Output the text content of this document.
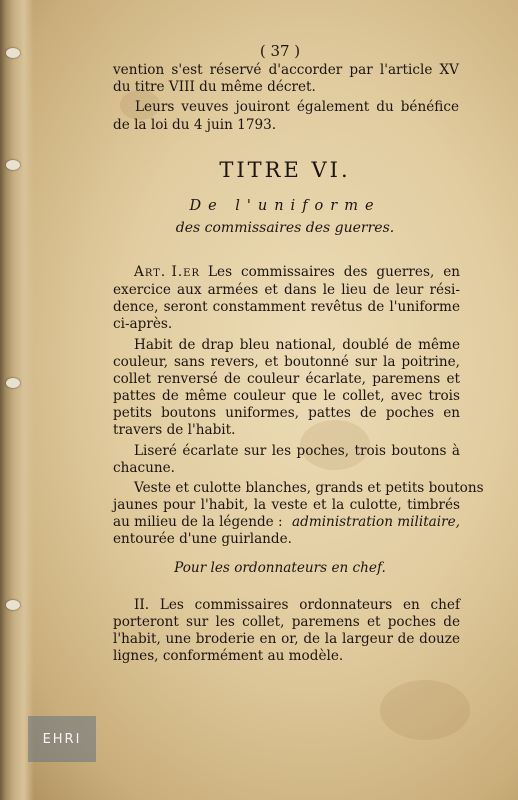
( 37 )
vention s'est réservé d'accorder par l'article XV
du titre VIII du même décret.
Leurs veuves jouiront également du bénéfice
de la loi du 4 juin 1793.
TITRE VI.
De l'uniforme
des commissaires des guerres.
Art. I.er Les commissaires des guerres, en
exercice aux armées et dans le lieu de leur rési-
dence, seront constamment revêtus de l'uniforme
ci-après.
Habit de drap bleu national, doublé de même
couleur, sans revers, et boutonné sur la poitrine,
collet renversé de couleur écarlate, paremens et
pattes de même couleur que le collet, avec trois
petits boutons uniformes, pattes de poches en
travers de l'habit.
Liseré écarlate sur les poches, trois boutons à
chacune.
Veste et culotte blanches, grands et petits boutons
jaunes pour l'habit, la veste et la culotte, timbrés
au milieu de la légende : administration militaire,
entourée d'une guirlande.
Pour les ordonnateurs en chef.
II. Les commissaires ordonnateurs en chef
porteront sur les collet, paremens et poches de
l'habit, une broderie en or, de la largeur de douze
lignes, conformément au modèle.
EHRI
